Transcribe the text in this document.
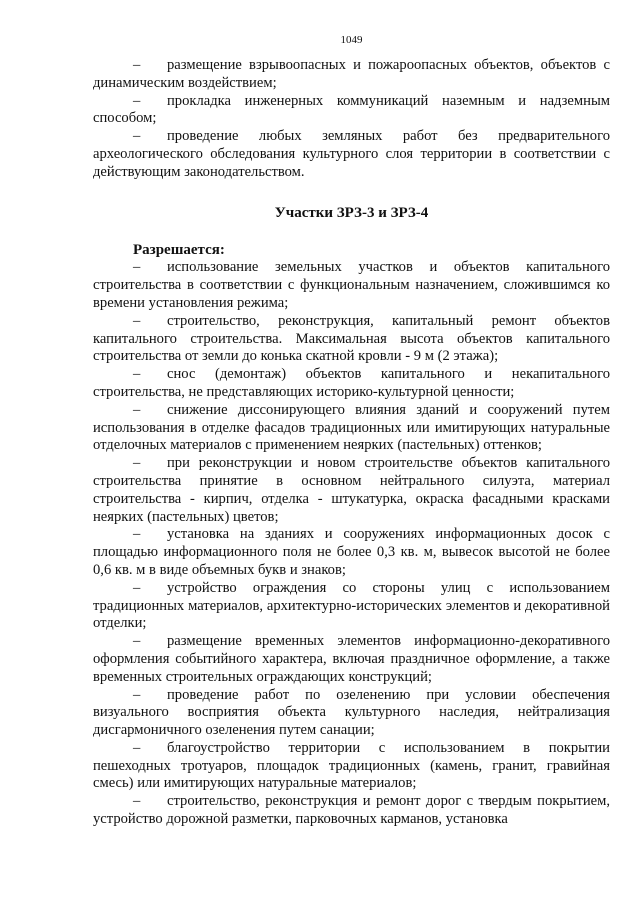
1049

– размещение взрывоопасных и пожароопасных объектов, объектов с динамическим воздействием;

– прокладка инженерных коммуникаций наземным и надземным способом;

– проведение любых земляных работ без предварительного археологического обследования культурного слоя территории в соответствии с действующим законодательством.

Участки ЗРЗ-3 и ЗРЗ-4
Разрешается:

– использование земельных участков и объектов капитального строительства в соответствии с функциональным назначением, сложившимся ко времени установления режима;

– строительство, реконструкция, капитальный ремонт объектов капитального строительства. Максимальная высота объектов капитального строительства от земли до конька скатной кровли - 9 м (2 этажа);

– снос (демонтаж) объектов капитального и некапитального строительства, не представляющих историко-культурной ценности;

– снижение диссонирующего влияния зданий и сооружений путем использования в отделке фасадов традиционных или имитирующих натуральные отделочных материалов с применением неярких (пастельных) оттенков;

– при реконструкции и новом строительстве объектов капитального строительства принятие в основном нейтрального силуэта, материал строительства - кирпич, отделка - штукатурка, окраска фасадными красками неярких (пастельных) цветов;

– установка на зданиях и сооружениях информационных досок с площадью информационного поля не более 0,3 кв. м, вывесок высотой не более 0,6 кв. м в виде объемных букв и знаков;

– устройство ограждения со стороны улиц с использованием традиционных материалов, архитектурно-исторических элементов и декоративной отделки;

– размещение временных элементов информационно-декоративного оформления событийного характера, включая праздничное оформление, а также временных строительных ограждающих конструкций;

– проведение работ по озеленению при условии обеспечения визуального восприятия объекта культурного наследия, нейтрализация дисгармоничного озеленения путем санации;

– благоустройство территории с использованием в покрытии пешеходных тротуаров, площадок традиционных (камень, гранит, гравийная смесь) или имитирующих натуральные материалов;

– строительство, реконструкция и ремонт дорог с твердым покрытием, устройство дорожной разметки, парковочных карманов, установка
